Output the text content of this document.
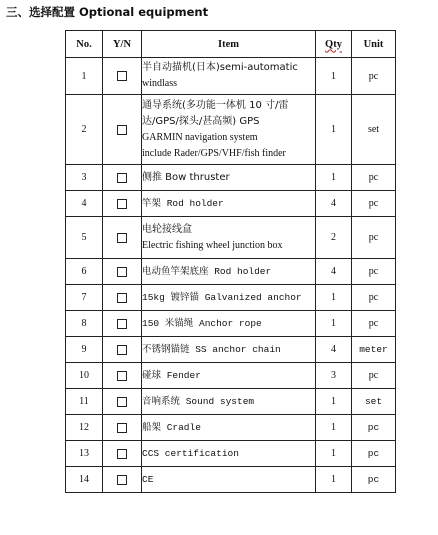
三、选择配置 Optional equipment
No.	Y/N	Item	Qty	Unit
1		半自动描机(日本)semi-automatic
windlass	1	pc
2		通导系统(多功能一体机 10 寸/雷
达/GPS/探头/甚高频) GPS
GARMIN navigation system
include Rader/GPS/VHF/fish finder	1	set
3		侧推 Bow thruster	1	pc
4		竿架 Rod holder	4	pc
5		电轮接线盒
Electric fishing wheel junction box	2	pc
6		电动鱼竿架底座 Rod holder	4	pc
7		15kg 镀锌锚 Galvanized anchor	1	pc
8		150 米锚绳 Anchor rope	1	pc
9		不锈钢锚链 SS anchor chain	4	meter
10		碰球 Fender	3	pc
11		音响系统 Sound system	1	set
12		船架 Cradle	1	pc
13		CCS certification	1	pc
14		CE	1	pc
